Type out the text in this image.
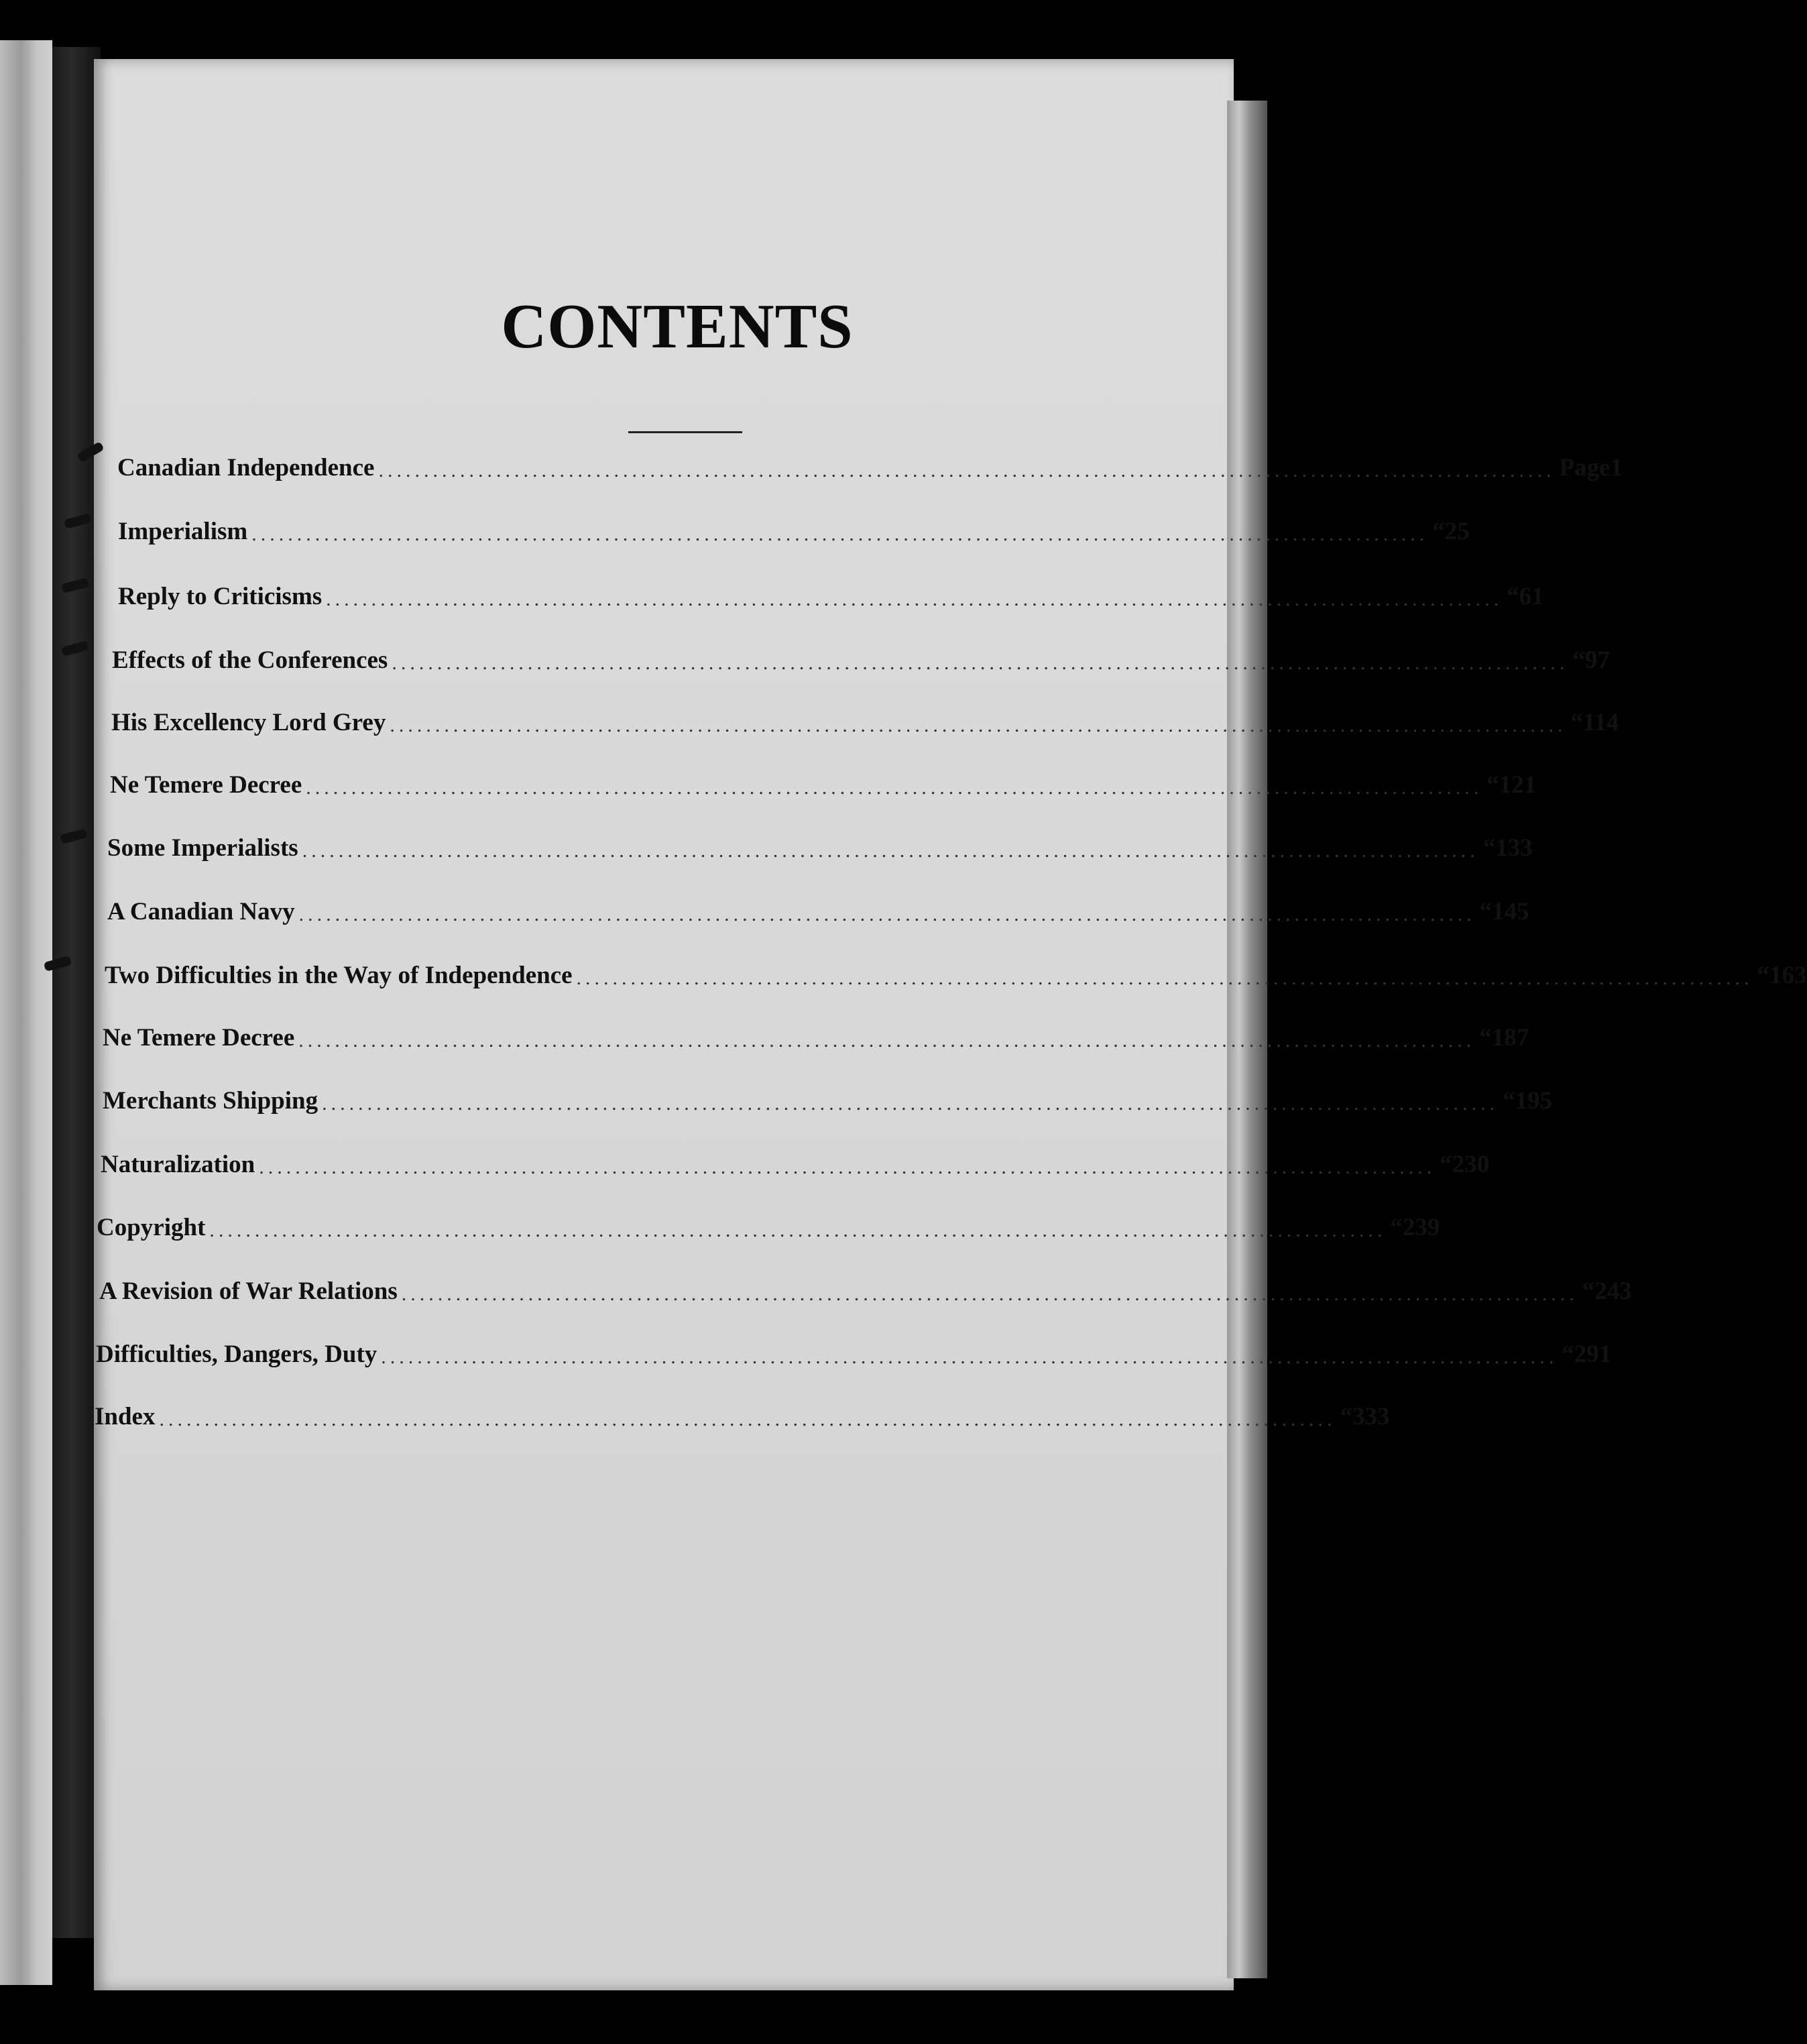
CONTENTS
Canadian Independence .................................................................................................................................. Page 1
Imperialism .................................................................................................................................. “ 25
Reply to Criticisms .................................................................................................................................. “ 61
Effects of the Conferences .................................................................................................................................. “ 97
His Excellency Lord Grey .................................................................................................................................. “ 114
Ne Temere Decree .................................................................................................................................. “ 121
Some Imperialists .................................................................................................................................. “ 133
A Canadian Navy .................................................................................................................................. “ 145
Two Difficulties in the Way of Independence .................................................................................................................................. “ 163
Ne Temere Decree .................................................................................................................................. “ 187
Merchants Shipping .................................................................................................................................. “ 195
Naturalization .................................................................................................................................. “ 230
Copyright .................................................................................................................................. “ 239
A Revision of War Relations .................................................................................................................................. “ 243
Difficulties, Dangers, Duty .................................................................................................................................. “ 291
Index .................................................................................................................................. “ 333
